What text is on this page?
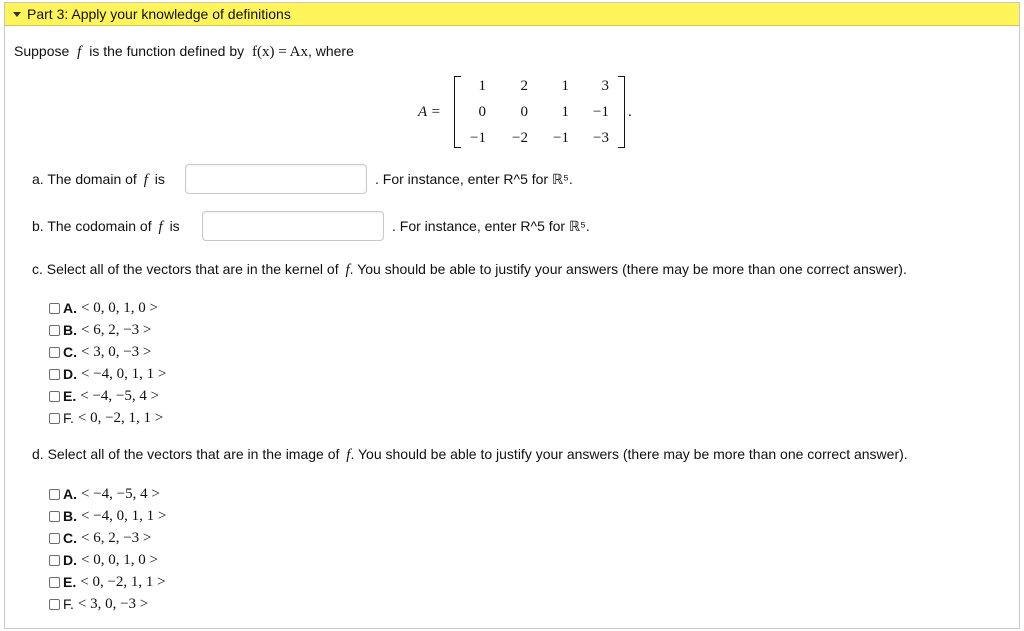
Part 3: Apply your knowledge of definitions
Suppose f is the function defined by f(x) = Ax, where
A =
1	2	1	3
0	0	1	−1
−1	−2	−1	−3
.
a. The domain of f is	. For instance, enter R^5 for ℝ⁵.
b. The codomain of f is	. For instance, enter R^5 for ℝ⁵.
c. Select all of the vectors that are in the kernel of f. You should be able to justify your answers (there may be more than one correct answer).
A. < 0, 0, 1, 0 >
B. < 6, 2, −3 >
C. < 3, 0, −3 >
D. < −4, 0, 1, 1 >
E. < −4, −5, 4 >
F. < 0, −2, 1, 1 >
d. Select all of the vectors that are in the image of f. You should be able to justify your answers (there may be more than one correct answer).
A. < −4, −5, 4 >
B. < −4, 0, 1, 1 >
C. < 6, 2, −3 >
D. < 0, 0, 1, 0 >
E. < 0, −2, 1, 1 >
F. < 3, 0, −3 >
